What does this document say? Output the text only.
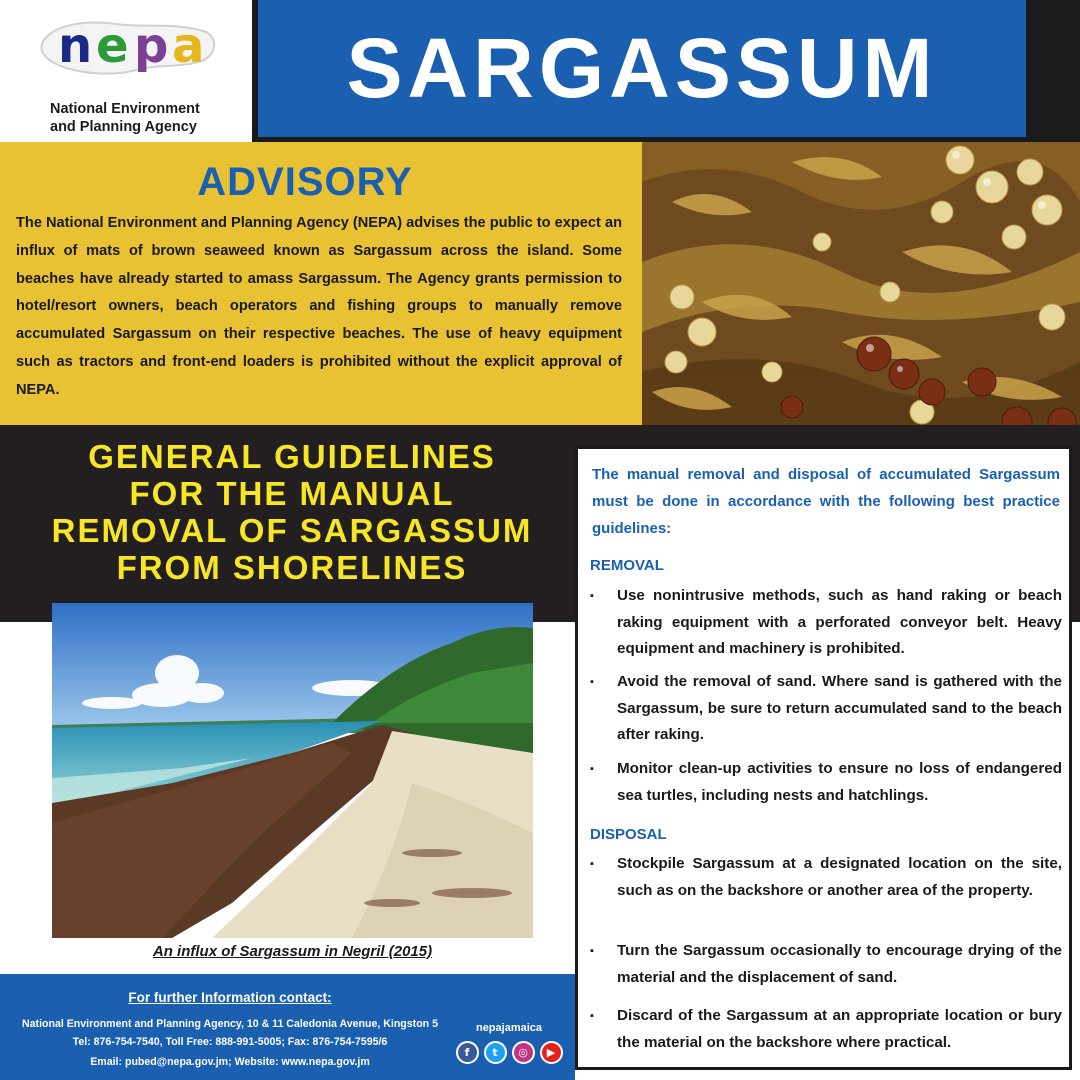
n e p a
National Environment
and Planning Agency
SARGASSUM
ADVISORY
The National Environment and Planning Agency (NEPA) advises the public to expect an influx of mats of brown seaweed known as Sargassum across the island. Some beaches have already started to amass Sargassum. The Agency grants permission to hotel/resort owners, beach operators and fishing groups to manually remove accumulated Sargassum on their respective beaches. The use of heavy equipment such as tractors and front-end loaders is prohibited without the explicit approval of NEPA.
GENERAL GUIDELINES
FOR THE MANUAL
REMOVAL OF SARGASSUM
FROM SHORELINES
An influx of Sargassum in Negril (2015)
The manual removal and disposal of accumulated Sargassum must be done in accordance with the following best practice guidelines:
REMOVAL
▪	Use nonintrusive methods, such as hand raking or beach raking equipment with a perforated conveyor belt. Heavy equipment and machinery is prohibited.
▪	Avoid the removal of sand. Where sand is gathered with the Sargassum, be sure to return accumulated sand to the beach after raking.
▪	Monitor clean-up activities to ensure no loss of endangered sea turtles, including nests and hatchlings.
DISPOSAL
▪	Stockpile Sargassum at a designated location on the site, such as on the backshore or another area of the property.
▪	Turn the Sargassum occasionally to encourage drying of the material and the displacement of sand.
▪	Discard of the Sargassum at an appropriate location or bury the material on the backshore where practical.
For further Information contact:
National Environment and Planning Agency, 10 & 11 Caledonia Avenue, Kingston 5
Tel: 876-754-7540, Toll Free: 888-991-5005; Fax: 876-754-7595/6
Email: pubed@nepa.gov.jm; Website: www.nepa.gov.jm
nepajamaica
f	t	◎	▶
